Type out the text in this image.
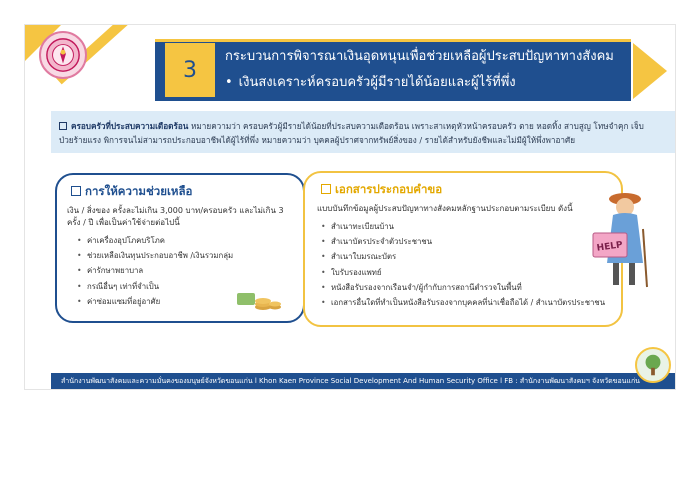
3
กระบวนการพิจารณาเงินอุดหนุนเพื่อช่วยเหลือผู้ประสบปัญหาทางสังคม
• เงินสงเคราะห์ครอบครัวผู้มีรายได้น้อยและผู้ไร้ที่พึ่ง
ครอบครัวที่ประสบความเดือดร้อน หมายความว่า ครอบครัวผู้มีรายได้น้อยที่ประสบความเดือดร้อน เพราะสาเหตุหัวหน้าครอบครัว ตาย หอดทิ้ง สาบสูญ โทษจำคุก เจ็บป่วยร้ายแรง พิการจนไม่สามารถประกอบอาชีพได้ผู้ไร้ที่พึ่ง หมายความว่า บุคคลผู้ปราศจากทรัพย์สิ่งของ / รายได้สำหรับยังชีพและไม่มีผู้ให้พึ่งพาอาศัย
การให้ความช่วยเหลือ
เงิน / สิ่งของ ครั้งละไม่เกิน 3,000 บาท/ครอบครัว และไม่เกิน 3 ครั้ง / ปี เพื่อเป็นค่าใช้จ่ายต่อไปนี้
• ค่าเครื่องอุปโภคบริโภค
• ช่วยเหลือเงินทุนประกอบอาชีพ /เงินรวมกลุ่ม
• ค่ารักษาพยาบาล
• กรณีอื่นๆ เท่าที่จำเป็น
• ค่าซ่อมแซมที่อยู่อาศัย
เอกสารประกอบคำขอ
แบบบันทึกข้อมูลผู้ประสบปัญหาทางสังคมหลักฐานประกอบตามระเบียบ ดังนี้
• สำเนาทะเบียนบ้าน
• สำเนาบัตรประจำตัวประชาชน
• สำเนาใบมรณะบัตร
• ใบรับรองแพทย์
• หนังสือรับรองจากเรือนจำ/ผู้กำกับการสถานีตำรวจในพื้นที่
• เอกสารอื่นใดที่ทำเป็นหนังสือรับรองจากบุคคลที่น่าเชื่อถือได้ / สำเนาบัตรประชาชน
HELP
สำนักงานพัฒนาสังคมและความมั่นคงของมนุษย์จังหวัดขอนแก่น l Khon Kaen Province Social Development And Human Security Office l FB : สำนักงานพัฒนาสังคมฯ จังหวัดขอนแก่น
